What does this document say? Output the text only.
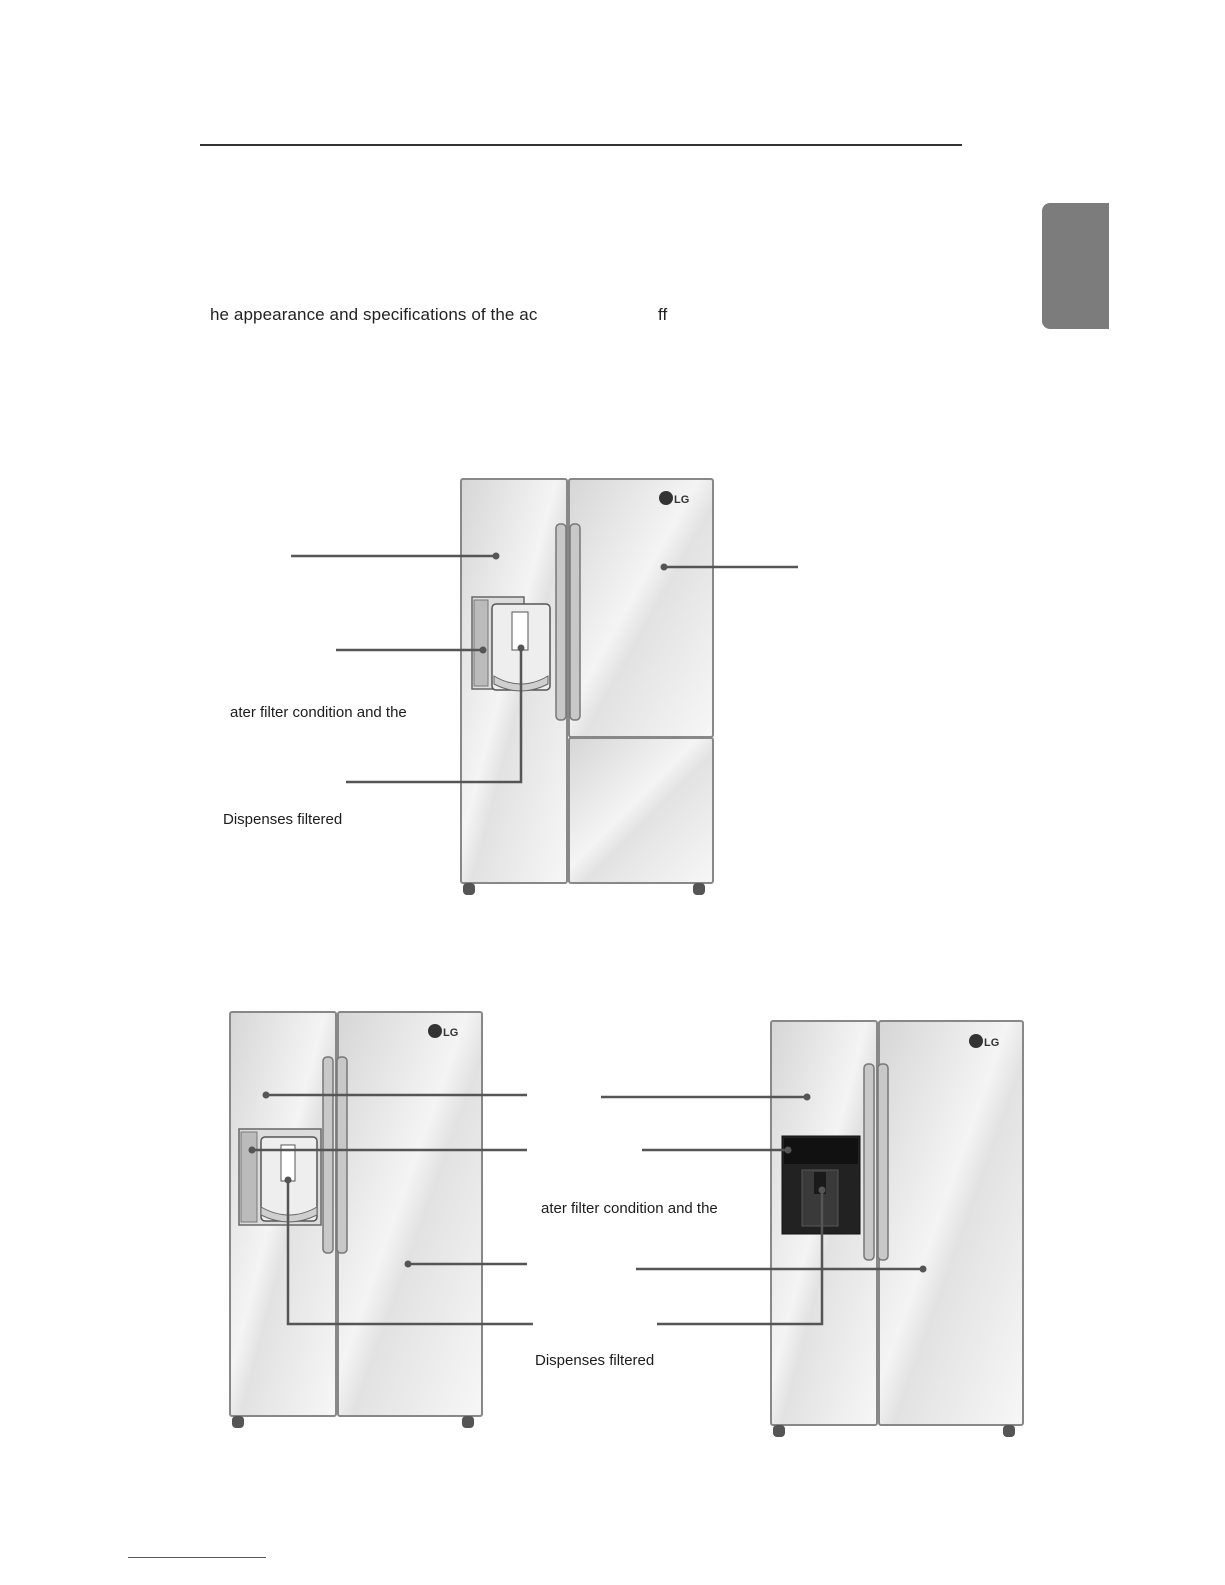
he appearance and specifications of the ac                         ff
LG
LG
LG
ater filter condition and the
Dispenses filtered
ater filter condition and the
Dispenses filtered
